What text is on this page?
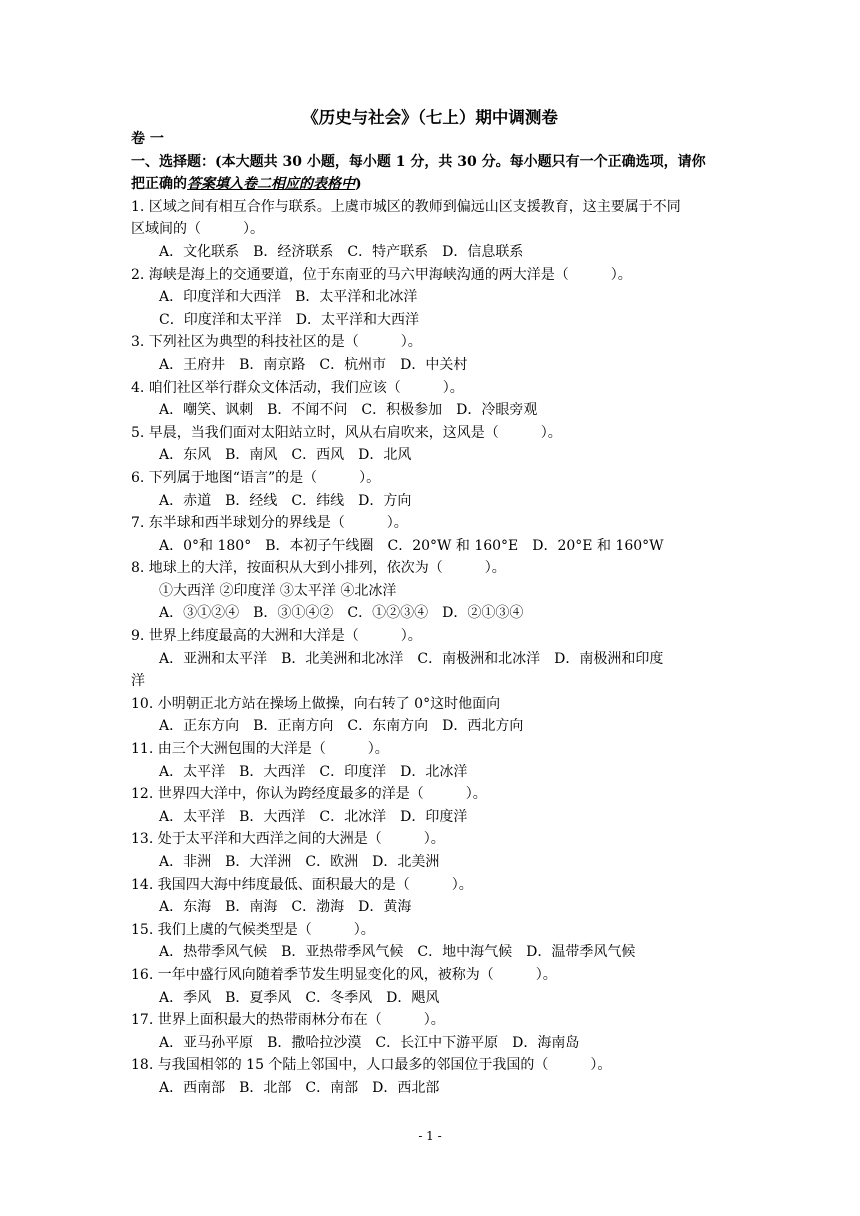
《历史与社会》（七上）期中调测卷
卷 一
一、选择题：(本大题共 30 小题，每小题 1 分，共 30 分。每小题只有一个正确选项，请你
把正确的答案填入卷二相应的表格中)
1. 区域之间有相互合作与联系。上虞市城区的教师到偏远山区支援教育，这主要属于不同
区域间的（　　　）。
A．文化联系 B．经济联系 C．特产联系 D．信息联系
2. 海峡是海上的交通要道，位于东南亚的马六甲海峡沟通的两大洋是（　　　）。
A．印度洋和大西洋 B．太平洋和北冰洋
C．印度洋和太平洋 D．太平洋和大西洋
3. 下列社区为典型的科技社区的是（　　　）。
A．王府井 B．南京路 C．杭州市 D．中关村
4. 咱们社区举行群众文体活动，我们应该（　　　）。
A．嘲笑、讽刺 B．不闻不问 C．积极参加 D．冷眼旁观
5. 早晨，当我们面对太阳站立时，风从右肩吹来，这风是（　　　）。
A．东风 B．南风 C．西风 D．北风
6. 下列属于地图“语言”的是（　　　）。
A．赤道 B．经线 C．纬线 D．方向
7. 东半球和西半球划分的界线是（　　　）。
A．0°和 180° B．本初子午线圈 C．20°W 和 160°E D．20°E 和 160°W
8. 地球上的大洋，按面积从大到小排列，依次为（　　　）。
①大西洋 ②印度洋 ③太平洋 ④北冰洋
A．③①②④ B．③①④② C．①②③④ D．②①③④
9. 世界上纬度最高的大洲和大洋是（　　　）。
A．亚洲和太平洋 B．北美洲和北冰洋 C．南极洲和北冰洋 D．南极洲和印度
洋
10. 小明朝正北方站在操场上做操，向右转了 0°这时他面向
A．正东方向 B．正南方向 C．东南方向 D．西北方向
11. 由三个大洲包围的大洋是（　　　）。
A．太平洋 B．大西洋 C．印度洋 D．北冰洋
12. 世界四大洋中，你认为跨经度最多的洋是（　　　）。
A．太平洋 B．大西洋 C．北冰洋 D．印度洋
13. 处于太平洋和大西洋之间的大洲是（　　　）。
A．非洲 B．大洋洲 C．欧洲 D．北美洲
14. 我国四大海中纬度最低、面积最大的是（　　　）。
A．东海 B．南海 C．渤海 D．黄海
15. 我们上虞的气候类型是（　　　）。
A．热带季风气候 B．亚热带季风气候 C．地中海气候 D．温带季风气候
16. 一年中盛行风向随着季节发生明显变化的风，被称为（　　　）。
A．季风 B．夏季风 C．冬季风 D．飓风
17. 世界上面积最大的热带雨林分布在（　　　）。
A．亚马孙平原 B．撒哈拉沙漠 C．长江中下游平原 D．海南岛
18. 与我国相邻的 15 个陆上邻国中，人口最多的邻国位于我国的（　　　）。
A．西南部 B．北部 C．南部 D．西北部
- 1 -
